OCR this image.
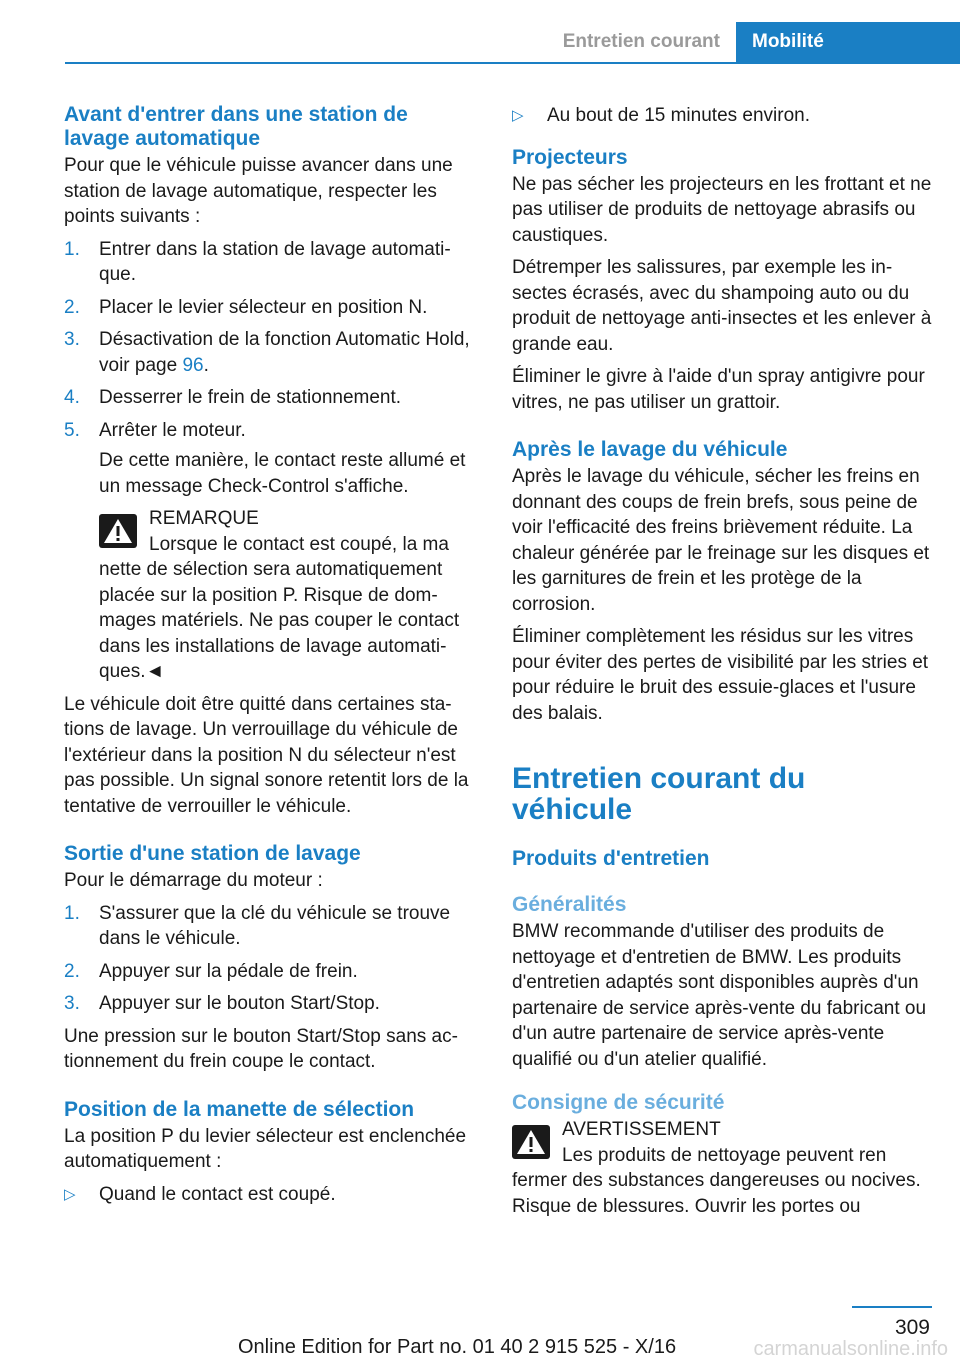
Entretien courant	Mobilité
Avant d'entrer dans une station de lavage automatique

Pour que le véhicule puisse avancer dans une station de lavage automatique, respecter les points suivants :

1. Entrer dans la station de lavage automatique.
2. Placer le levier sélecteur en position N.
3. Désactivation de la fonction Automatic Hold, voir page 96.
4. Desserrer le frein de stationnement.
5. Arrêter le moteur.
De cette manière, le contact reste allumé et un message Check-Control s'affiche.

REMARQUE

Lorsque le contact est coupé, la ma

nette de sélection sera automatiquement placée sur la position P. Risque de dommages matériels. Ne pas couper le contact dans les installations de lavage automatiques.◄

Le véhicule doit être quitté dans certaines stations de lavage. Un verrouillage du véhicule de l'extérieur dans la position N du sélecteur n'est pas possible. Un signal sonore retentit lors de la tentative de verrouiller le véhicule.

Sortie d'une station de lavage

Pour le démarrage du moteur :

1. S'assurer que la clé du véhicule se trouve dans le véhicule.
2. Appuyer sur la pédale de frein.
3. Appuyer sur le bouton Start/Stop.

Une pression sur le bouton Start/Stop sans actionnement du frein coupe le contact.

Position de la manette de sélection

La position P du levier sélecteur est enclenchée automatiquement :

▷ Quand le contact est coupé.
▷ Au bout de 15 minutes environ.
Projecteurs

Ne pas sécher les projecteurs en les frottant et ne pas utiliser de produits de nettoyage abrasifs ou caustiques.

Détremper les salissures, par exemple les insectes écrasés, avec du shampoing auto ou du produit de nettoyage anti-insectes et les enlever à grande eau.

Éliminer le givre à l'aide d'un spray antigivre pour vitres, ne pas utiliser un grattoir.

Après le lavage du véhicule

Après le lavage du véhicule, sécher les freins en donnant des coups de frein brefs, sous peine de voir l'efficacité des freins brièvement réduite. La chaleur générée par le freinage sur les disques et les garnitures de frein et les protège de la corrosion.

Éliminer complètement les résidus sur les vitres pour éviter des pertes de visibilité par les stries et pour réduire le bruit des essuie-glaces et l'usure des balais.

Entretien courant du véhicule
Produits d'entretien
Généralités

BMW recommande d'utiliser des produits de nettoyage et d'entretien de BMW. Les produits d'entretien adaptés sont disponibles auprès d'un partenaire de service après-vente du fabricant ou d'un autre partenaire de service après-vente qualifié ou d'un atelier qualifié.

Consigne de sécurité

AVERTISSEMENT

Les produits de nettoyage peuvent ren

fermer des substances dangereuses ou nocives. Risque de blessures. Ouvrir les portes ou

309
Online Edition for Part no. 01 40 2 915 525 - X/16	carmanualsonline.info
